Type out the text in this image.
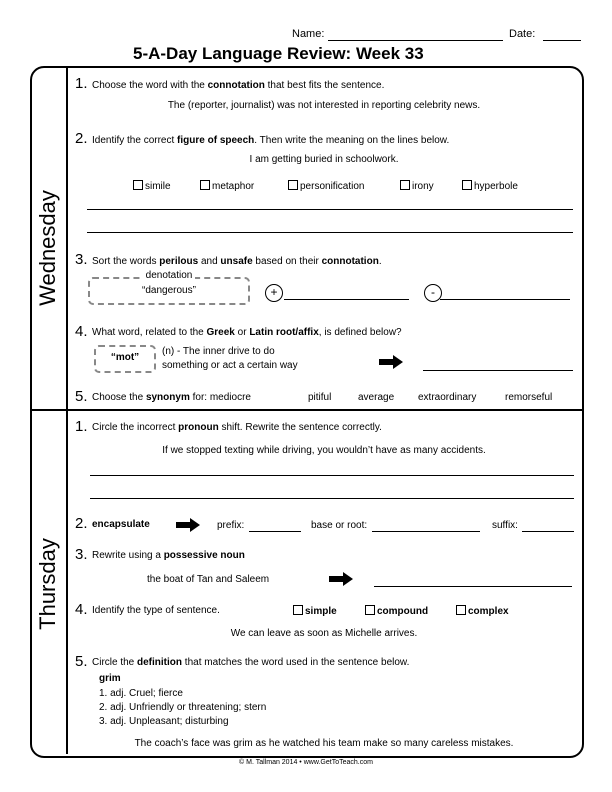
Name:	Date:
5-A-Day Language Review: Week 33
Wednesday
Thursday
1. Choose the word with the connotation that best fits the sentence.
The (reporter, journalist) was not interested in reporting celebrity news.
2. Identify the correct figure of speech. Then write the meaning on the lines below.
I am getting buried in schoolwork.
simile	metaphor	personification	irony	hyperbole
3. Sort the words perilous and unsafe based on their connotation.
denotation
“dangerous”	+	-
4. What word, related to the Greek or Latin root/affix, is defined below?
“mot”
(n) - The inner drive to do
something or act a certain way
5. Choose the synonym for: mediocre	pitiful	average extraordinary	remorseful
1. Circle the incorrect pronoun shift. Rewrite the sentence correctly.
If we stopped texting while driving, you wouldn’t have as many accidents.
2. encapsulate	prefix:	base or root:	suffix:
3. Rewrite using a possessive noun
the boat of Tan and Saleem
4. Identify the type of sentence.	simple	compound	complex
We can leave as soon as Michelle arrives.
5. Circle the definition that matches the word used in the sentence below.
grim
1. adj. Cruel; fierce
2. adj. Unfriendly or threatening; stern
3. adj. Unpleasant; disturbing
The coach’s face was grim as he watched his team make so many careless mistakes.
© M. Tallman 2014 • www.GetToTeach.com
